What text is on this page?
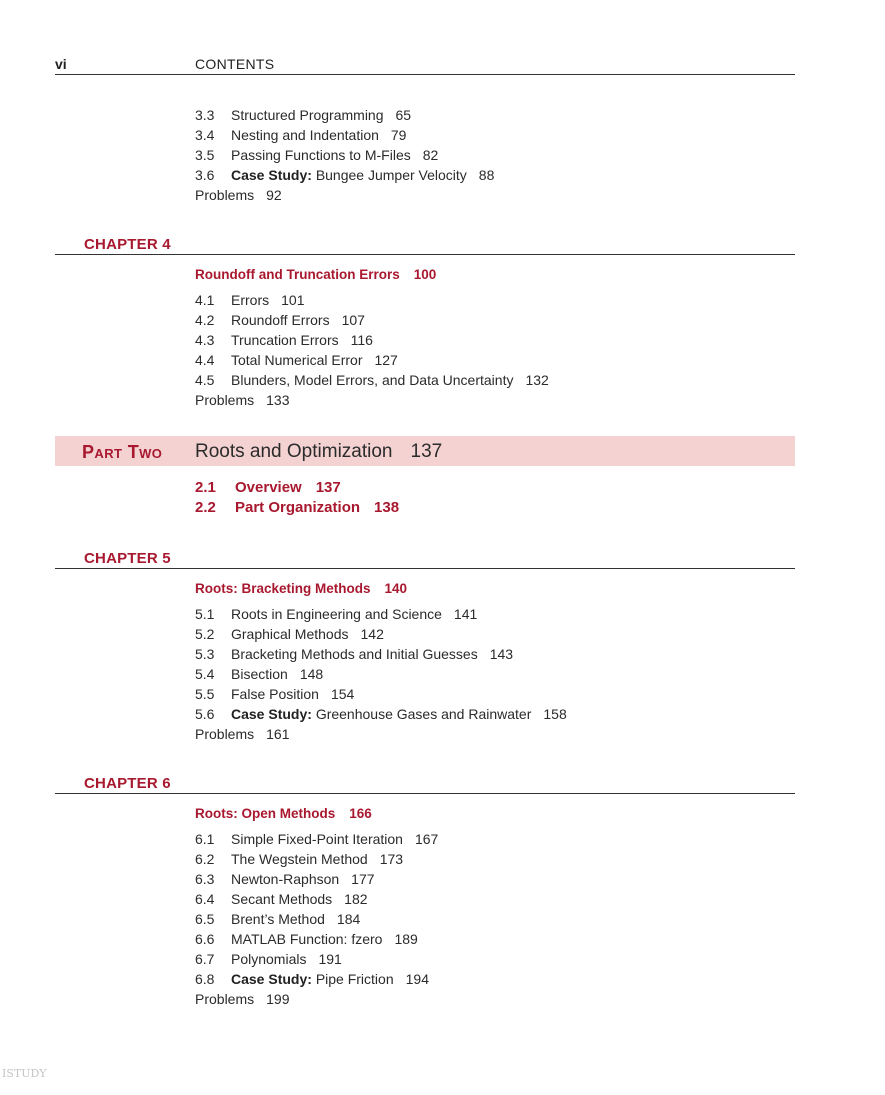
vi	CONTENTS
3.3 Structured Programming 65
3.4 Nesting and Indentation 79
3.5 Passing Functions to M-Files 82
3.6 Case Study: Bungee Jumper Velocity 88
Problems 92
CHAPTER 4
Roundoff and Truncation Errors 100
4.1 Errors 101
4.2 Roundoff Errors 107
4.3 Truncation Errors 116
4.4 Total Numerical Error 127
4.5 Blunders, Model Errors, and Data Uncertainty 132
Problems 133
Part Two Roots and Optimization 137
2.1 Overview 137
2.2 Part Organization 138
CHAPTER 5
Roots: Bracketing Methods 140
5.1 Roots in Engineering and Science 141
5.2 Graphical Methods 142
5.3 Bracketing Methods and Initial Guesses 143
5.4 Bisection 148
5.5 False Position 154
5.6 Case Study: Greenhouse Gases and Rainwater 158
Problems 161
CHAPTER 6
Roots: Open Methods 166
6.1 Simple Fixed-Point Iteration 167
6.2 The Wegstein Method 173
6.3 Newton-Raphson 177
6.4 Secant Methods 182
6.5 Brent’s Method 184
6.6 MATLAB Function: fzero 189
6.7 Polynomials 191
6.8 Case Study: Pipe Friction 194
Problems 199
ISTUDY
